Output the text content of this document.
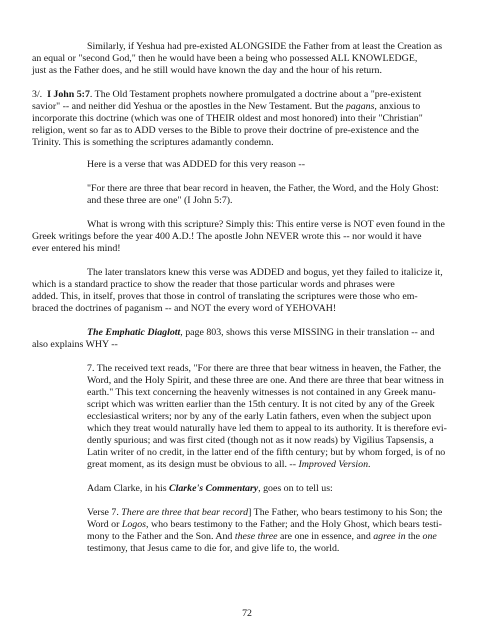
Similarly, if Yeshua had pre-existed ALONGSIDE the Father from at least the Creation as
an equal or "second God," then he would have been a being who possessed ALL KNOWLEDGE,
just as the Father does, and he still would have known the day and the hour of his return.
3/. I John 5:7. The Old Testament prophets nowhere promulgated a doctrine about a "pre-existent
savior" -- and neither did Yeshua or the apostles in the New Testament. But the pagans, anxious to
incorporate this doctrine (which was one of THEIR oldest and most honored) into their "Christian"
religion, went so far as to ADD verses to the Bible to prove their doctrine of pre-existence and the
Trinity. This is something the scriptures adamantly condemn.
Here is a verse that was ADDED for this very reason --
"For there are three that bear record in heaven, the Father, the Word, and the Holy Ghost:
and these three are one" (I John 5:7).
What is wrong with this scripture? Simply this: This entire verse is NOT even found in the
Greek writings before the year 400 A.D.! The apostle John NEVER wrote this -- nor would it have
ever entered his mind!
The later translators knew this verse was ADDED and bogus, yet they failed to italicize it,
which is a standard practice to show the reader that those particular words and phrases were
added. This, in itself, proves that those in control of translating the scriptures were those who em-
braced the doctrines of paganism -- and NOT the every word of YEHOVAH!
The Emphatic Diaglott, page 803, shows this verse MISSING in their translation -- and
also explains WHY --
7. The received text reads, "For there are three that bear witness in heaven, the Father, the
Word, and the Holy Spirit, and these three are one. And there are three that bear witness in
earth." This text concerning the heavenly witnesses is not contained in any Greek manu-
script which was written earlier than the 15th century. It is not cited by any of the Greek
ecclesiastical writers; nor by any of the early Latin fathers, even when the subject upon
which they treat would naturally have led them to appeal to its authority. It is therefore evi-
dently spurious; and was first cited (though not as it now reads) by Vigilius Tapsensis, a
Latin writer of no credit, in the latter end of the fifth century; but by whom forged, is of no
great moment, as its design must be obvious to all. -- Improved Version.
Adam Clarke, in his Clarke's Commentary, goes on to tell us:
Verse 7. There are three that bear record] The Father, who bears testimony to his Son; the
Word or Logos, who bears testimony to the Father; and the Holy Ghost, which bears testi-
mony to the Father and the Son. And these three are one in essence, and agree in the one
testimony, that Jesus came to die for, and give life to, the world.
72
